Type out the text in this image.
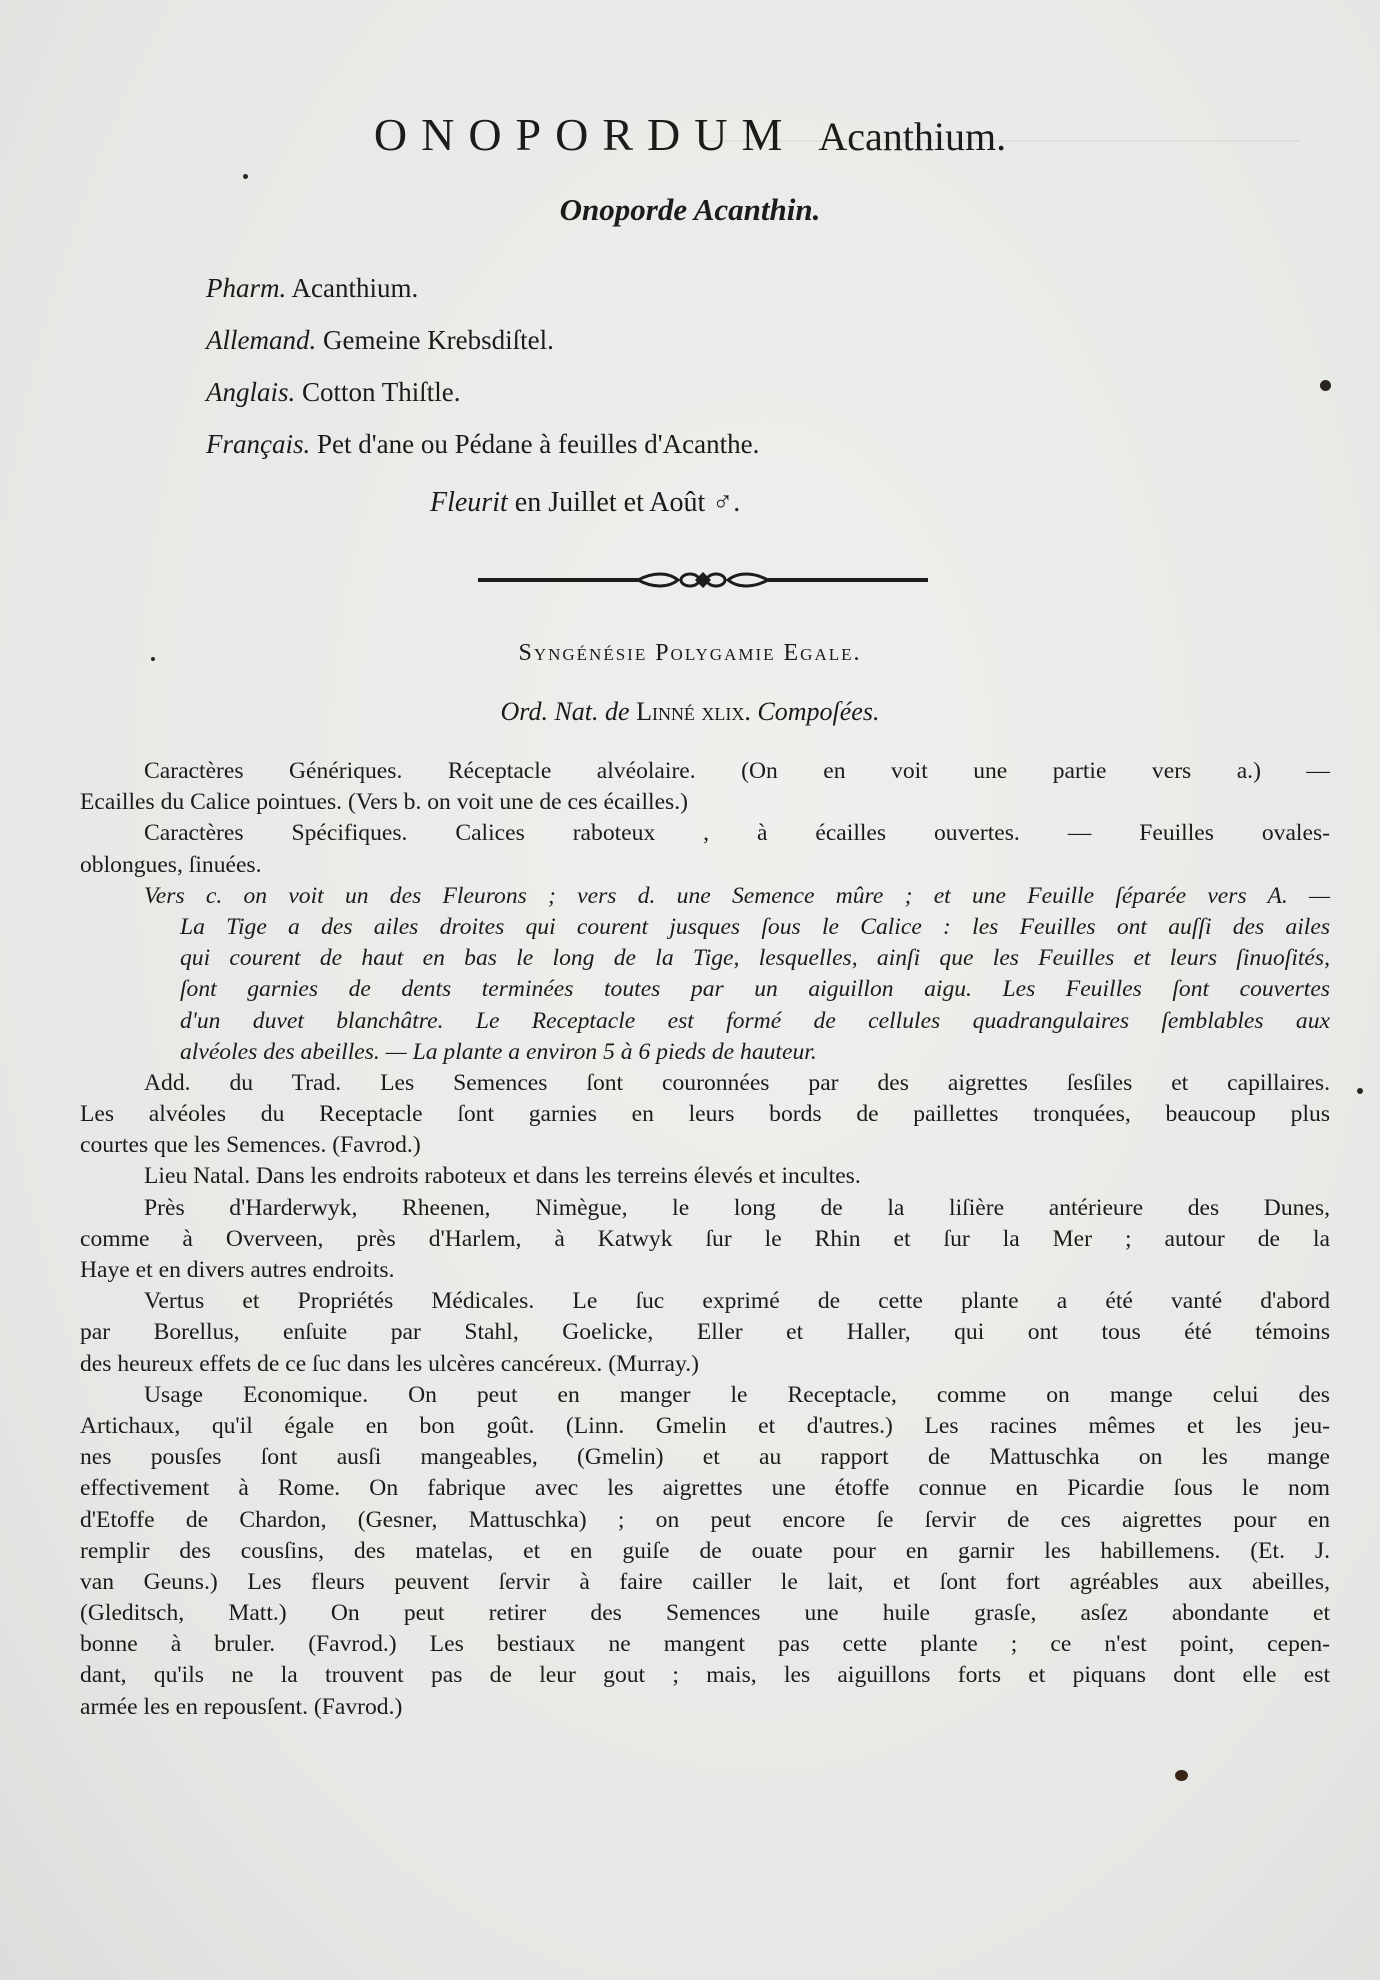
ONOPORDUM Acanthium.
Onoporde Acanthin.
Pharm. Acanthium.
Allemand. Gemeine Krebsdiſtel.
Anglais. Cotton Thiſtle.
Français. Pet d'ane ou Pédane à feuilles d'Acanthe.
Fleurit en Juillet et Août ♂.
Syngénésie Polygamie Egale.
Ord. Nat. de Linné xlix. Compoſées.
Caractères Génériques. Réceptacle alvéolaire. (On en voit une partie vers a.) —
Ecailles du Calice pointues. (Vers b. on voit une de ces écailles.)
Caractères Spécifiques. Calices raboteux , à écailles ouvertes. — Feuilles ovales-
oblongues, ſinuées.
Vers c. on voit un des Fleurons ; vers d. une Semence mûre ; et une Feuille ſéparée vers A. —
La Tige a des ailes droites qui courent jusques ſous le Calice : les Feuilles ont auſſi des ailes
qui courent de haut en bas le long de la Tige, lesquelles, ainſi que les Feuilles et leurs ſinuoſités,
ſont garnies de dents terminées toutes par un aiguillon aigu. Les Feuilles ſont couvertes
d'un duvet blanchâtre. Le Receptacle est formé de cellules quadrangulaires ſemblables aux
alvéoles des abeilles. — La plante a environ 5 à 6 pieds de hauteur.
Add. du Trad. Les Semences ſont couronnées par des aigrettes ſesſiles et capillaires.
Les alvéoles du Receptacle ſont garnies en leurs bords de paillettes tronquées, beaucoup plus
courtes que les Semences. (Favrod.)
Lieu Natal. Dans les endroits raboteux et dans les terreins élevés et incultes.
Près d'Harderwyk, Rheenen, Nimègue, le long de la liſière antérieure des Dunes,
comme à Overveen, près d'Harlem, à Katwyk ſur le Rhin et ſur la Mer ; autour de la
Haye et en divers autres endroits.
Vertus et Propriétés Médicales. Le ſuc exprimé de cette plante a été vanté d'abord
par Borellus, enſuite par Stahl, Goelicke, Eller et Haller, qui ont tous été témoins
des heureux effets de ce ſuc dans les ulcères cancéreux. (Murray.)
Usage Economique. On peut en manger le Receptacle, comme on mange celui des
Artichaux, qu'il égale en bon goût. (Linn. Gmelin et d'autres.) Les racines mêmes et les jeu-
nes pousſes ſont ausſi mangeables, (Gmelin) et au rapport de Mattuschka on les mange
effectivement à Rome. On fabrique avec les aigrettes une étoffe connue en Picardie ſous le nom
d'Etoffe de Chardon, (Gesner, Mattuschka) ; on peut encore ſe ſervir de ces aigrettes pour en
remplir des cousſins, des matelas, et en guiſe de ouate pour en garnir les habillemens. (Et. J.
van Geuns.) Les fleurs peuvent ſervir à faire cailler le lait, et ſont fort agréables aux abeilles,
(Gleditsch, Matt.) On peut retirer des Semences une huile grasſe, asſez abondante et
bonne à bruler. (Favrod.) Les bestiaux ne mangent pas cette plante ; ce n'est point, cepen-
dant, qu'ils ne la trouvent pas de leur gout ; mais, les aiguillons forts et piquans dont elle est
armée les en repousſent. (Favrod.)
